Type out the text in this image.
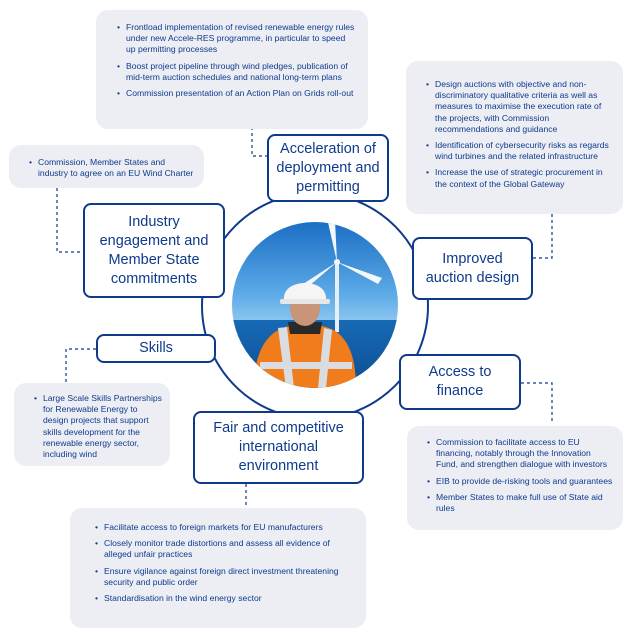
• Frontload implementation of revised renewable energy rules under new Accele-RES programme, in particular to speed up permitting processes
• Boost project pipeline through wind pledges, publication of mid-term auction schedules and national long-term plans
• Commission presentation of an Action Plan on Grids roll-out
• Design auctions with objective and non-discriminatory qualitative criteria as well as measures to maximise the execution rate of the projects, with Commission recommendations and guidance
• Identification of cybersecurity risks as regards wind turbines and the related infrastructure
• Increase the use of strategic procurement in the context of the Global Gateway
• Commission, Member States and industry to agree on an EU Wind Charter
• Large Scale Skills Partnerships for Renewable Energy to design projects that support skills development for the renewable energy sector, including wind
• Commission to facilitate access to EU financing, notably through the Innovation Fund, and strengthen dialogue with investors
• EIB to provide de-risking tools and guarantees
• Member States to make full use of State aid rules
• Facilitate access to foreign markets for EU manufacturers
• Closely monitor trade distortions and assess all evidence of alleged unfair practices
• Ensure vigilance against foreign direct investment threatening security and public order
• Standardisation in the wind energy sector
Acceleration of deployment and permitting
Improved auction design
Access to finance
Fair and competitive international environment
Skills
Industry engagement and Member State commitments
